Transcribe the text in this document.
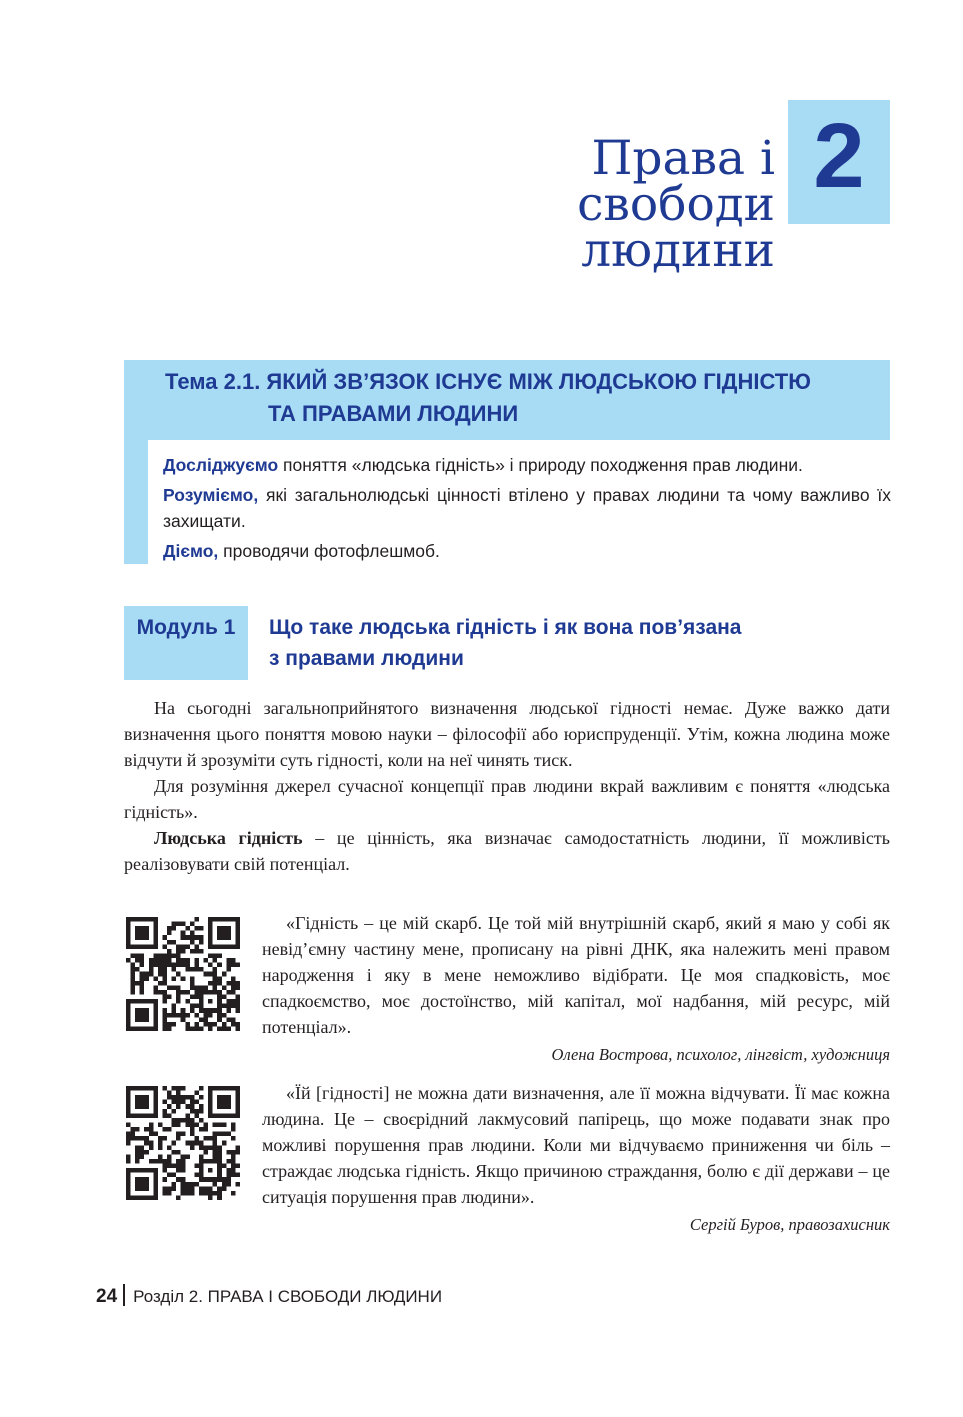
Права і свободи
людини
2
Тема 2.1. ЯКИЙ ЗВ’ЯЗОК ІСНУЄ МІЖ ЛЮДСЬКОЮ ГІДНІСТЮ
ТА ПРАВАМИ ЛЮДИНИ

Досліджуємо поняття «людська гідність» і природу походження прав людини.

Розуміємо, які загальнолюдські цінності втілено у правах людини та чому важливо їх захищати.

Діємо, проводячи фотофлешмоб.

Модуль 1	Що таке людська гідність і як вона пов’язана
з правами людини

На сьогодні загальноприйнятого визначення людської гідності немає. Дуже важко дати визначення цього поняття мовою науки – філософії або юриспруденції. Утім, кожна людина може відчути й зрозуміти суть гідності, коли на неї чинять тиск.

Для розуміння джерел сучасної концепції прав людини вкрай важливим є поняття «людська гідність».

Людська гідність – це цінність, яка визначає самодостатність людини, її можливість реалізовувати свій потенціал.

«Гідність – це мій скарб. Це той мій внутрішній скарб, який я маю у собі як невід’ємну частину мене, прописану на рівні ДНК, яка належить мені правом народження і яку в мене неможливо відібрати. Це моя спадковість, моє спадкоємство, моє достоїнство, мій капітал, мої надбання, мій ресурс, мій потенціал».

Олена Вострова, психолог, лінгвіст, художниця

«Їй [гідності] не можна дати визначення, але її можна відчувати. Її має кожна людина. Це – своєрідний лакмусовий папірець, що може подавати знак про можливі порушення прав людини. Коли ми відчуваємо приниження чи біль – страждає людська гідність. Якщо причиною страждання, болю є дії держави – це ситуація порушення прав людини».

Сергій Буров, правозахисник

24 Розділ 2. ПРАВА І СВОБОДИ ЛЮДИНИ
